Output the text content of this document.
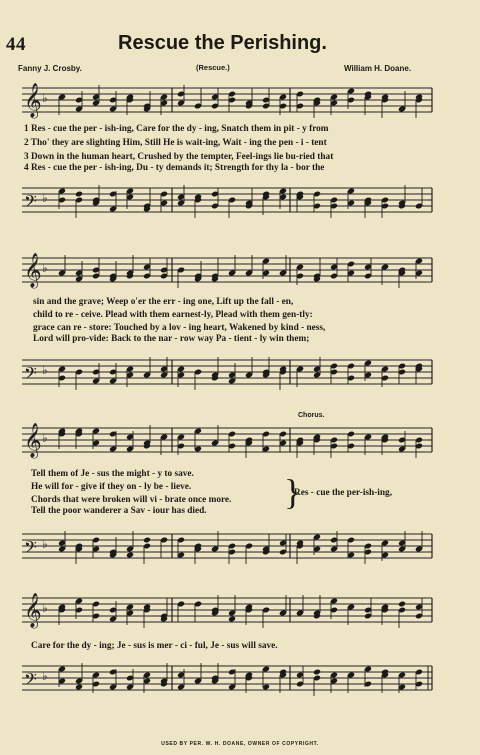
44	Rescue the Perishing.
Fanny J. Crosby.	(Rescue.)	William H. Doane.
𝄞 ♭
1 Res - cue the per - ish-ing, Care for the dy - ing, Snatch them in pit - y from
2 Tho' they are slighting Him, Still He is wait-ing, Wait - ing the pen - i - tent
3 Down in the human heart, Crushed by the tempter, Feel-ings lie bu-ried that
4 Res - cue the per - ish-ing, Du - ty demands it; Strength for thy la - bor the
𝄢 ♭
𝄞 ♭
sin and the grave; Weep o'er the err - ing one, Lift up the fall - en,
child to re - ceive. Plead with them earnest-ly, Plead with them gen-tly:
grace can re - store: Touched by a lov - ing heart, Wakened by kind - ness,
Lord will pro-vide: Back to the nar - row way Pa - tient - ly win them;
𝄢 ♭
Chorus.
𝄞 ♭
Tell them of Je - sus the might - y to save.
He will for - give if they on - ly be - lieve.
Chords that were broken will vi - brate once more.
Tell the poor wanderer a Sav - iour has died. }
Res - cue the per-ish-ing,
𝄢 ♭
𝄞 ♭
Care for the dy - ing; Je - sus is mer - ci - ful, Je - sus will save.
𝄢 ♭
USED BY PER. W. H. DOANE, OWNER OF COPYRIGHT.
